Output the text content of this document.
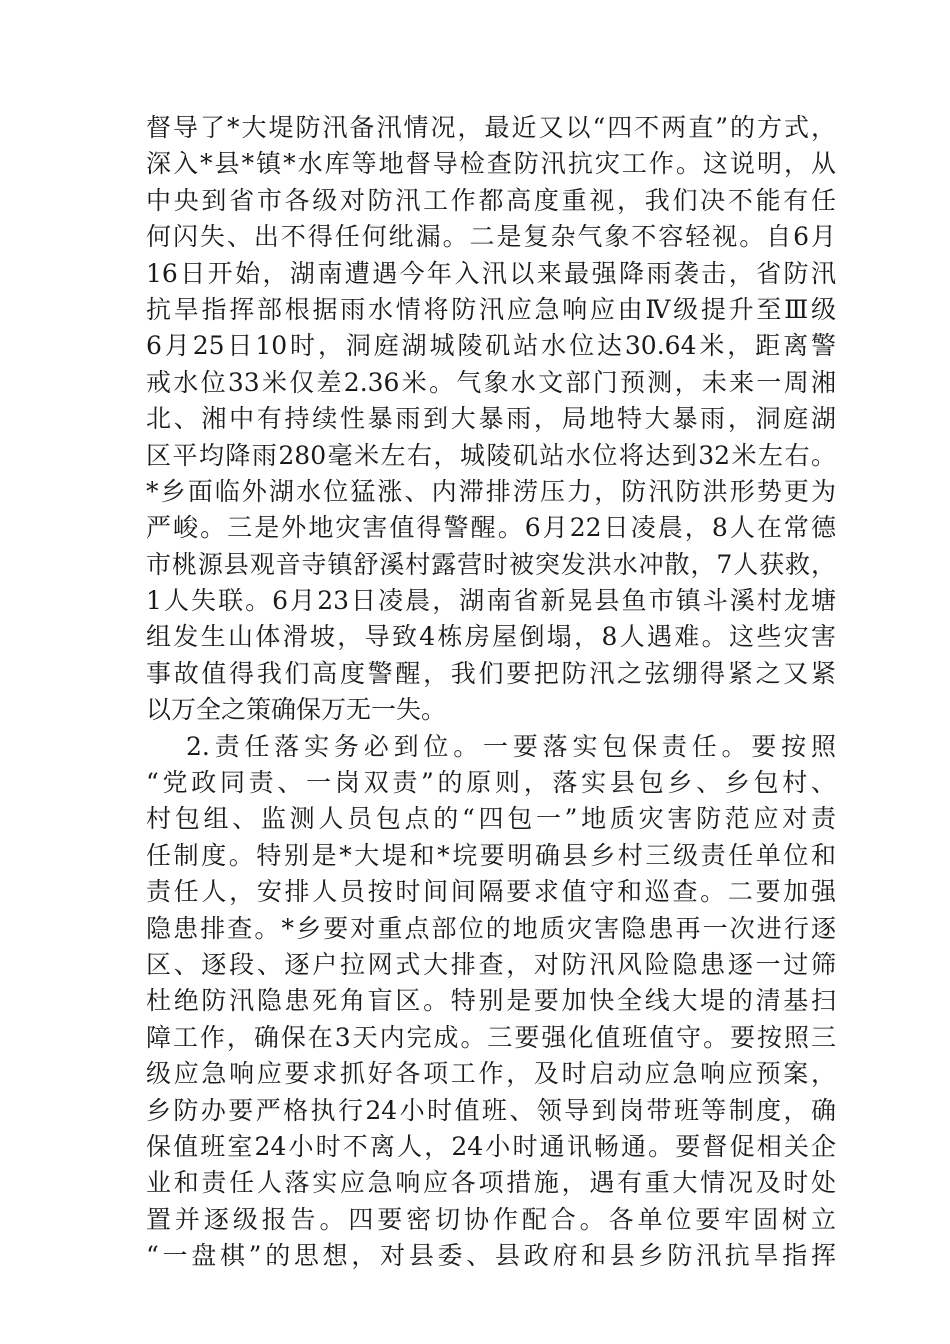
督导了*大堤防汛备汛情况，最近又以“四不两直”的方式，
深入*县*镇*水库等地督导检查防汛抗灾工作。这说明，从
中央到省市各级对防汛工作都高度重视，我们决不能有任
何闪失、出不得任何纰漏。二是复杂气象不容轻视。自6月
16日开始，湖南遭遇今年入汛以来最强降雨袭击，省防汛
抗旱指挥部根据雨水情将防汛应急响应由Ⅳ级提升至Ⅲ级
6月25日10时，洞庭湖城陵矶站水位达30.64米，距离警
戒水位33米仅差2.36米。气象水文部门预测，未来一周湘
北、湘中有持续性暴雨到大暴雨，局地特大暴雨，洞庭湖
区平均降雨280毫米左右，城陵矶站水位将达到32米左右。
*乡面临外湖水位猛涨、内滞排涝压力，防汛防洪形势更为
严峻。三是外地灾害值得警醒。6月22日凌晨，8人在常德
市桃源县观音寺镇舒溪村露营时被突发洪水冲散，7人获救，
1人失联。6月23日凌晨，湖南省新晃县鱼市镇斗溪村龙塘
组发生山体滑坡，导致4栋房屋倒塌，8人遇难。这些灾害
事故值得我们高度警醒，我们要把防汛之弦绷得紧之又紧
以万全之策确保万无一失。
2.责任落实务必到位。一要落实包保责任。要按照
“党政同责、一岗双责”的原则，落实县包乡、乡包村、
村包组、监测人员包点的“四包一”地质灾害防范应对责
任制度。特别是*大堤和*垸要明确县乡村三级责任单位和
责任人，安排人员按时间间隔要求值守和巡查。二要加强
隐患排查。*乡要对重点部位的地质灾害隐患再一次进行逐
区、逐段、逐户拉网式大排查，对防汛风险隐患逐一过筛
杜绝防汛隐患死角盲区。特别是要加快全线大堤的清基扫
障工作，确保在3天内完成。三要强化值班值守。要按照三
级应急响应要求抓好各项工作，及时启动应急响应预案，
乡防办要严格执行24小时值班、领导到岗带班等制度，确
保值班室24小时不离人，24小时通讯畅通。要督促相关企
业和责任人落实应急响应各项措施，遇有重大情况及时处
置并逐级报告。四要密切协作配合。各单位要牢固树立
“一盘棋”的思想，对县委、县政府和县乡防汛抗旱指挥
